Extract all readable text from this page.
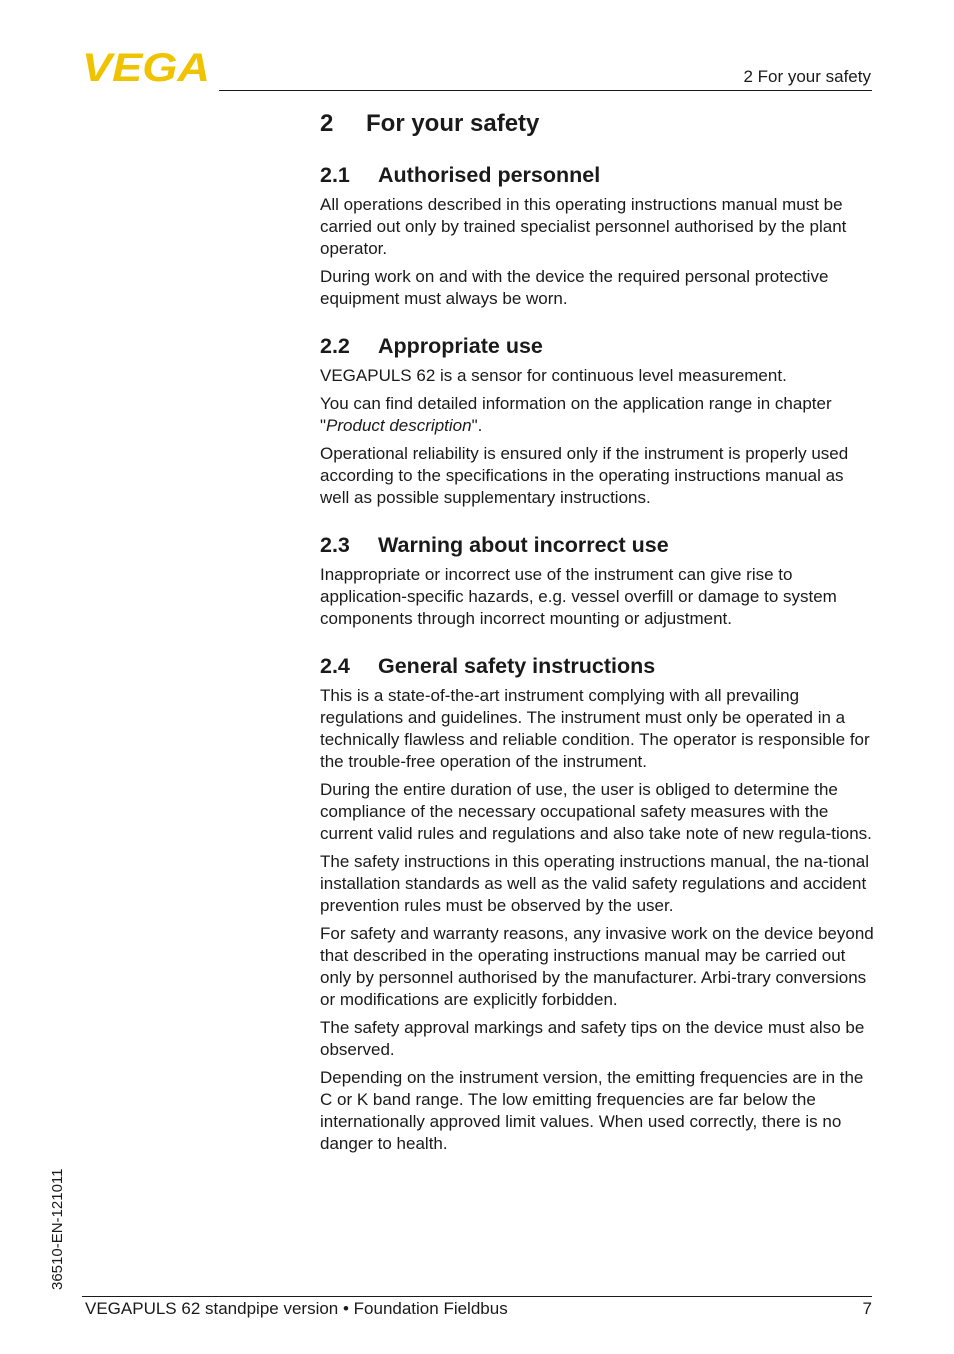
VEGA	2 For your safety
2	For your safety
2.1	Authorised personnel

All operations described in this operating instructions manual must be carried out only by trained specialist personnel authorised by the plant operator.

During work on and with the device the required personal protective equipment must always be worn.

2.2	Appropriate use

VEGAPULS 62 is a sensor for continuous level measurement.

You can find detailed information on the application range in chapter "Product description".

Operational reliability is ensured only if the instrument is properly used according to the specifications in the operating instructions manual as well as possible supplementary instructions.

2.3	Warning about incorrect use

Inappropriate or incorrect use of the instrument can give rise to application-specific hazards, e.g. vessel overfill or damage to system components through incorrect mounting or adjustment.

2.4	General safety instructions

This is a state-of-the-art instrument complying with all prevailing regulations and guidelines. The instrument must only be operated in a technically flawless and reliable condition. The operator is responsible for the trouble-free operation of the instrument.

During the entire duration of use, the user is obliged to determine the compliance of the necessary occupational safety measures with the current valid rules and regulations and also take note of new regula-tions.

The safety instructions in this operating instructions manual, the na-tional installation standards as well as the valid safety regulations and accident prevention rules must be observed by the user.

For safety and warranty reasons, any invasive work on the device beyond that described in the operating instructions manual may be carried out only by personnel authorised by the manufacturer. Arbi-trary conversions or modifications are explicitly forbidden.

The safety approval markings and safety tips on the device must also be observed.

Depending on the instrument version, the emitting frequencies are in the C or K band range. The low emitting frequencies are far below the internationally approved limit values. When used correctly, there is no danger to health.

36510-EN-121011
VEGAPULS 62 standpipe version • Foundation Fieldbus	7
